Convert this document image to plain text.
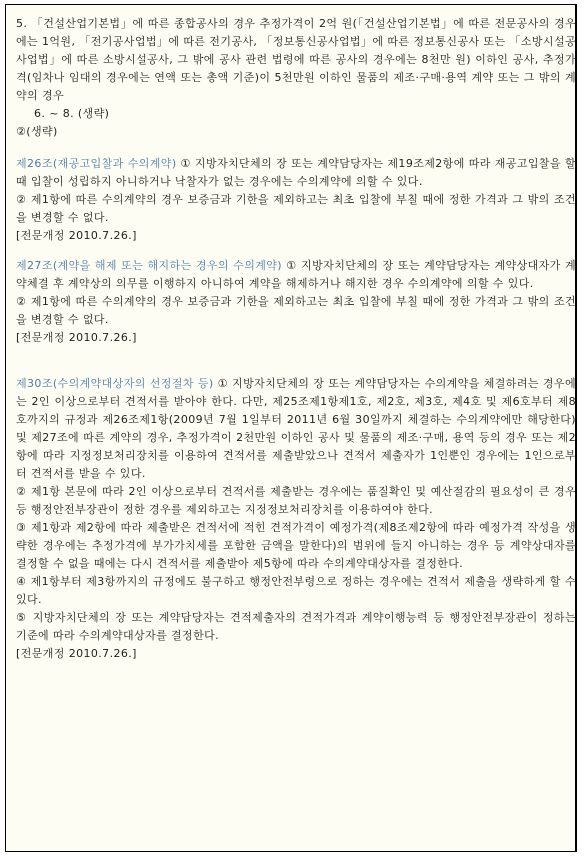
5. 「건설산업기본법」에 따른 종합공사의 경우 추정가격이 2억 원(「건설산업기본법」에 따른 전문공사의 경우에는 1억원, 「전기공사업법」에 따른 전기공사, 「정보통신공사업법」에 따른 정보통신공사 또는 「소방시설공사업법」에 따른 소방시설공사, 그 밖에 공사 관련 법령에 따른 공사의 경우에는 8천만 원) 이하인 공사, 추정가격(임차나 임대의 경우에는 연액 또는 총액 기준)이 5천만원 이하인 물품의 제조·구매·용역 계약 또는 그 밖의 계약의 경우

6. ~ 8. (생략)

②(생략)

제26조(재공고입찰과 수의계약) ① 지방자치단체의 장 또는 계약담당자는 제19조제2항에 따라 재공고입찰을 할 때 입찰이 성립하지 아니하거나 낙찰자가 없는 경우에는 수의계약에 의할 수 있다.

② 제1항에 따른 수의계약의 경우 보증금과 기한을 제외하고는 최초 입찰에 부칠 때에 정한 가격과 그 밖의 조건을 변경할 수 없다.

[전문개정 2010.7.26.]

제27조(계약을 해제 또는 해지하는 경우의 수의계약) ① 지방자치단체의 장 또는 계약담당자는 계약상대자가 계약체결 후 계약상의 의무를 이행하지 아니하여 계약을 해제하거나 해지한 경우 수의계약에 의할 수 있다.

② 제1항에 따른 수의계약의 경우 보증금과 기한을 제외하고는 최초 입찰에 부칠 때에 정한 가격과 그 밖의 조건을 변경할 수 없다.

[전문개정 2010.7.26.]

제30조(수의계약대상자의 선정절차 등) ① 지방자치단체의 장 또는 계약담당자는 수의계약을 체결하려는 경우에는 2인 이상으로부터 견적서를 받아야 한다. 다만, 제25조제1항제1호, 제2호, 제3호, 제4호 및 제6호부터 제8호까지의 규정과 제26조제1항(2009년 7월 1일부터 2011년 6월 30일까지 체결하는 수의계약에만 해당한다) 및 제27조에 따른 계약의 경우, 추정가격이 2천만원 이하인 공사 및 물품의 제조·구매, 용역 등의 경우 또는 제2항에 따라 지정정보처리장치를 이용하여 견적서를 제출받았으나 견적서 제출자가 1인뿐인 경우에는 1인으로부터 견적서를 받을 수 있다.

② 제1항 본문에 따라 2인 이상으로부터 견적서를 제출받는 경우에는 품질확인 및 예산절감의 필요성이 큰 경우 등 행정안전부장관이 정한 경우를 제외하고는 지정정보처리장치를 이용하여야 한다.

③ 제1항과 제2항에 따라 제출받은 견적서에 적힌 견적가격이 예정가격(제8조제2항에 따라 예정가격 작성을 생략한 경우에는 추정가격에 부가가치세를 포함한 금액을 말한다)의 범위에 들지 아니하는 경우 등 계약상대자를 결정할 수 없을 때에는 다시 견적서를 제출받아 제5항에 따라 수의계약대상자를 결정한다.

④ 제1항부터 제3항까지의 규정에도 불구하고 행정안전부령으로 정하는 경우에는 견적서 제출을 생략하게 할 수 있다.

⑤ 지방자치단체의 장 또는 계약담당자는 견적제출자의 견적가격과 계약이행능력 등 행정안전부장관이 정하는 기준에 따라 수의계약대상자를 결정한다.

[전문개정 2010.7.26.]
